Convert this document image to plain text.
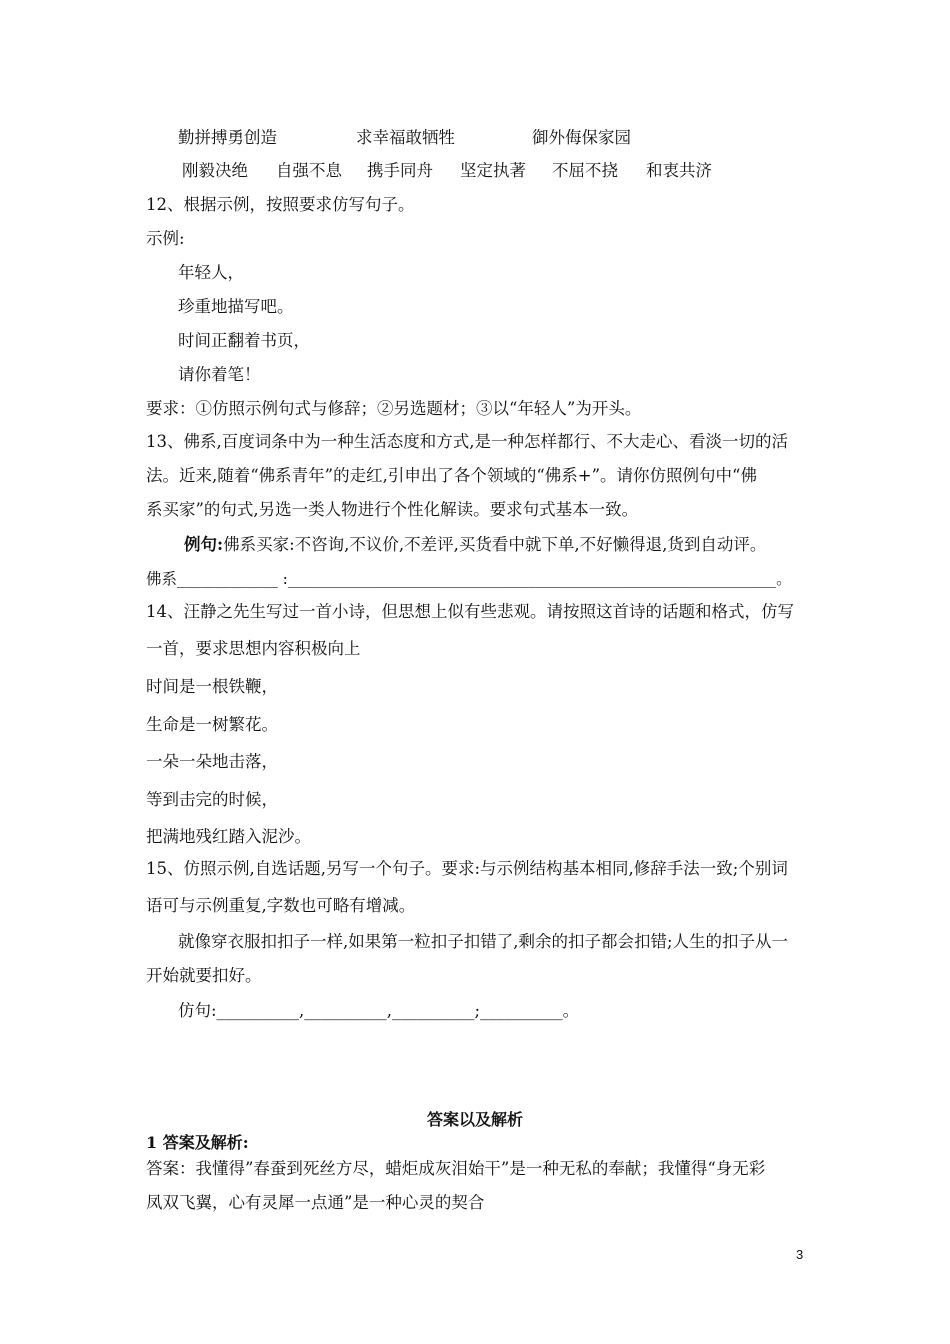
勤拼搏勇创造	求幸福敢牺牲	御外侮保家园
刚毅决绝 自强不息 携手同舟 坚定执著 不屈不挠 和衷共济
12、根据示例，按照要求仿写句子。
示例:
年轻人，
珍重地描写吧。
时间正翻着书页，
请你着笔！
要求：①仿照示例句式与修辞；②另选题材；③以“年轻人”为开头。
13、佛系,百度词条中为一种生活态度和方式,是一种怎样都行、不大走心、看淡一切的活
法。近来,随着“佛系青年”的走红,引申出了各个领域的“佛系+”。请你仿照例句中“佛
系买家”的句式,另选一类人物进行个性化解读。要求句式基本一致。
例句:佛系买家:不咨询,不议价,不差评,买货看中就下单,不好懒得退,货到自动评。
佛系_____________ :_______________________________________________________________。
14、汪静之先生写过一首小诗，但思想上似有些悲观。请按照这首诗的话题和格式，仿写
一首，要求思想内容积极向上
时间是一根铁鞭，
生命是一树繁花。
一朵一朵地击落，
等到击完的时候，
把满地残红踏入泥沙。
15、仿照示例,自选话题,另写一个句子。要求:与示例结构基本相同,修辞手法一致;个别词
语可与示例重复,字数也可略有增减。
就像穿衣服扣扣子一样,如果第一粒扣子扣错了,剩余的扣子都会扣错;人生的扣子从一
开始就要扣好。
仿句:__________,__________,__________;__________。
答案以及解析
1 答案及解析:
答案：我懂得”春蚕到死丝方尽，蜡炬成灰泪始干”是一种无私的奉献；我懂得“身无彩
凤双飞翼，心有灵犀一点通”是一种心灵的契合
3
